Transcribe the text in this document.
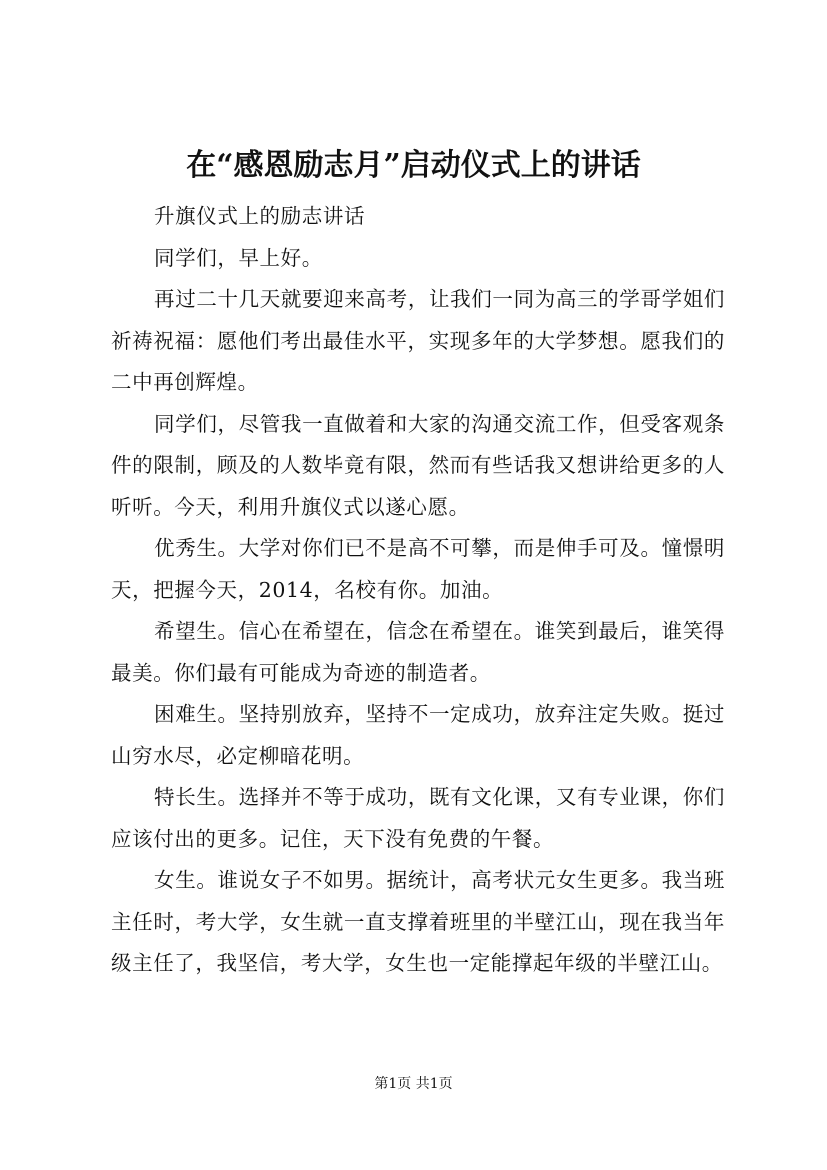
在“感恩励志月”启动仪式上的讲话

升旗仪式上的励志讲话

同学们，早上好。

再过二十几天就要迎来高考，让我们一同为高三的学哥学姐们祈祷祝福：愿他们考出最佳水平，实现多年的大学梦想。愿我们的二中再创辉煌。

同学们，尽管我一直做着和大家的沟通交流工作，但受客观条件的限制，顾及的人数毕竟有限，然而有些话我又想讲给更多的人听听。今天，利用升旗仪式以遂心愿。

优秀生。大学对你们已不是高不可攀，而是伸手可及。憧憬明天，把握今天，2014，名校有你。加油。

希望生。信心在希望在，信念在希望在。谁笑到最后，谁笑得最美。你们最有可能成为奇迹的制造者。

困难生。坚持别放弃，坚持不一定成功，放弃注定失败。挺过山穷水尽，必定柳暗花明。

特长生。选择并不等于成功，既有文化课，又有专业课，你们应该付出的更多。记住，天下没有免费的午餐。

女生。谁说女子不如男。据统计，高考状元女生更多。我当班主任时，考大学，女生就一直支撑着班里的半壁江山，现在我当年级主任了，我坚信，考大学，女生也一定能撑起年级的半壁江山。

第1页 共1页
